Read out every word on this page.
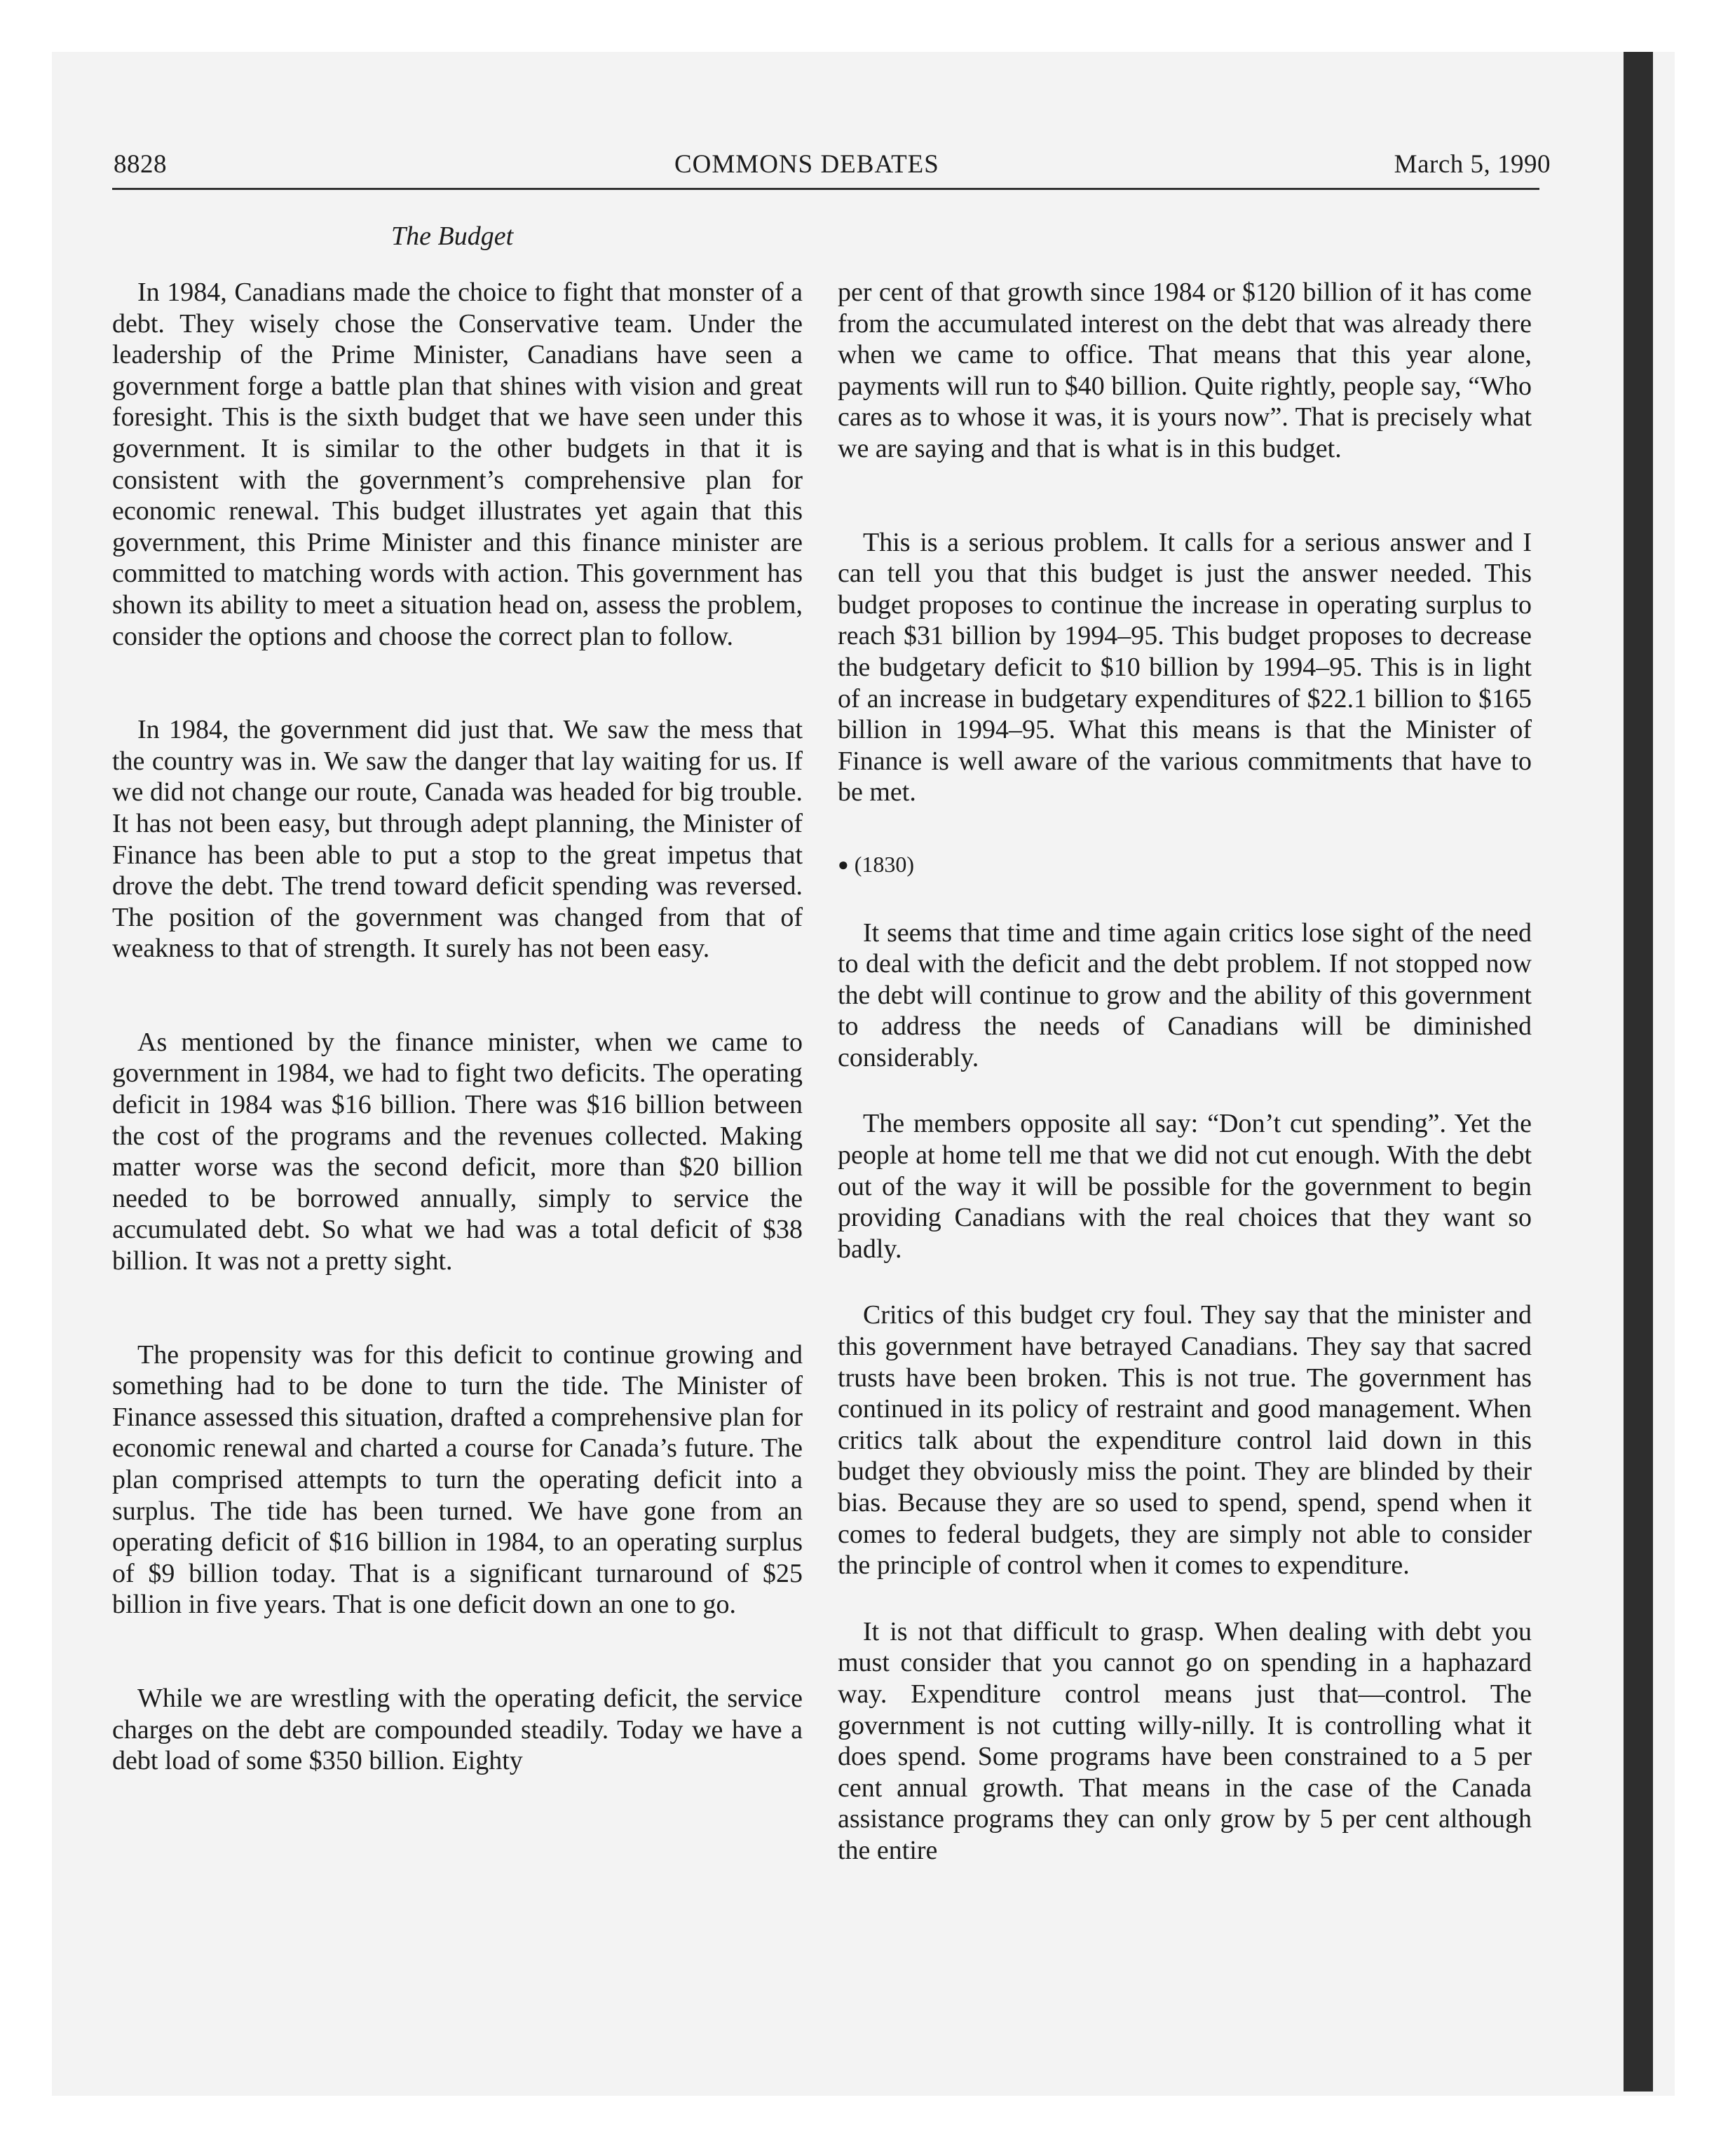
8828	COMMONS DEBATES	March 5, 1990
The Budget

In 1984, Canadians made the choice to fight that monster of a debt. They wisely chose the Conservative team. Under the leadership of the Prime Minister, Canadians have seen a government forge a battle plan that shines with vision and great foresight. This is the sixth budget that we have seen under this government. It is similar to the other budgets in that it is consistent with the government’s comprehensive plan for economic renewal. This budget illustrates yet again that this government, this Prime Minister and this finance minister are committed to matching words with action. This government has shown its ability to meet a situation head on, assess the problem, consider the options and choose the correct plan to follow.

In 1984, the government did just that. We saw the mess that the country was in. We saw the danger that lay waiting for us. If we did not change our route, Canada was headed for big trouble. It has not been easy, but through adept planning, the Minister of Finance has been able to put a stop to the great impetus that drove the debt. The trend toward deficit spending was reversed. The position of the government was changed from that of weakness to that of strength. It surely has not been easy.

As mentioned by the finance minister, when we came to government in 1984, we had to fight two deficits. The operating deficit in 1984 was $16 billion. There was $16 billion between the cost of the programs and the revenues collected. Making matter worse was the second deficit, more than $20 billion needed to be borrowed annually, simply to service the accumulated debt. So what we had was a total deficit of $38 billion. It was not a pretty sight.

The propensity was for this deficit to continue growing and something had to be done to turn the tide. The Minister of Finance assessed this situation, drafted a comprehensive plan for economic renewal and charted a course for Canada’s future. The plan comprised attempts to turn the operating deficit into a surplus. The tide has been turned. We have gone from an operating deficit of $16 billion in 1984, to an operating surplus of $9 billion today. That is a significant turnaround of $25 billion in five years. That is one deficit down an one to go.

While we are wrestling with the operating deficit, the service charges on the debt are compounded steadily. Today we have a debt load of some $350 billion. Eighty

per cent of that growth since 1984 or $120 billion of it has come from the accumulated interest on the debt that was already there when we came to office. That means that this year alone, payments will run to $40 billion. Quite rightly, people say, “Who cares as to whose it was, it is yours now”. That is precisely what we are saying and that is what is in this budget.

This is a serious problem. It calls for a serious answer and I can tell you that this budget is just the answer needed. This budget proposes to continue the increase in operating surplus to reach $31 billion by 1994–95. This budget proposes to decrease the budgetary deficit to $10 billion by 1994–95. This is in light of an increase in budgetary expenditures of $22.1 billion to $165 billion in 1994–95. What this means is that the Minister of Finance is well aware of the various commitments that have to be met.

● (1830)

It seems that time and time again critics lose sight of the need to deal with the deficit and the debt problem. If not stopped now the debt will continue to grow and the ability of this government to address the needs of Canadians will be diminished considerably.

The members opposite all say: “Don’t cut spending”. Yet the people at home tell me that we did not cut enough. With the debt out of the way it will be possible for the government to begin providing Canadians with the real choices that they want so badly.

Critics of this budget cry foul. They say that the minister and this government have betrayed Canadians. They say that sacred trusts have been broken. This is not true. The government has continued in its policy of restraint and good management. When critics talk about the expenditure control laid down in this budget they obviously miss the point. They are blinded by their bias. Because they are so used to spend, spend, spend when it comes to federal budgets, they are simply not able to consider the principle of control when it comes to expenditure.

It is not that difficult to grasp. When dealing with debt you must consider that you cannot go on spending in a haphazard way. Expenditure control means just that—control. The government is not cutting willy-nilly. It is controlling what it does spend. Some programs have been constrained to a 5 per cent annual growth. That means in the case of the Canada assistance programs they can only grow by 5 per cent although the entire
